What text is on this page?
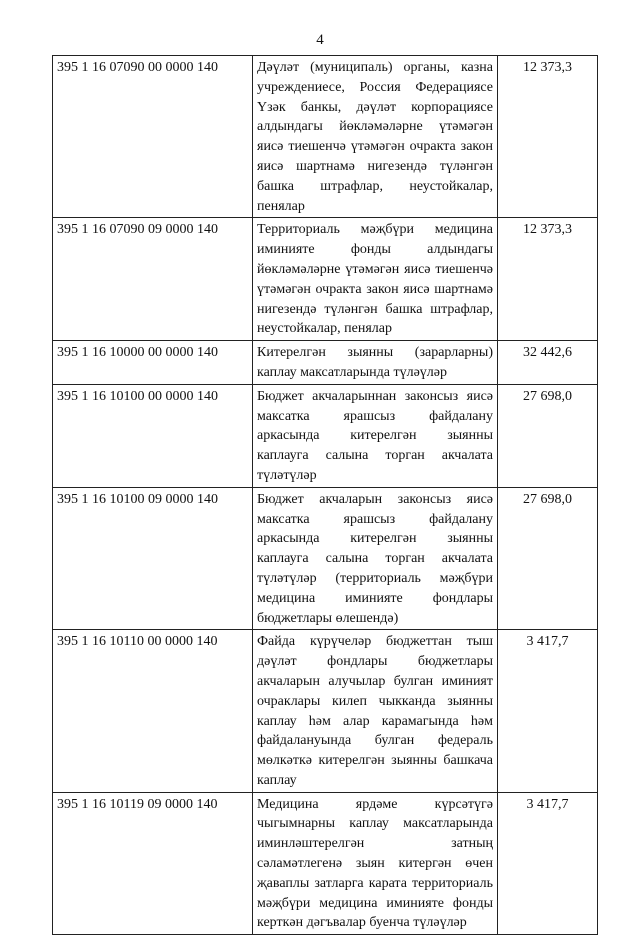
4
395 1 16 07090 00 0000 140	Дәүләт (муниципаль) органы, казна учреждениесе, Россия Федерациясе Үзәк банкы, дәүләт корпорациясе алдындагы йөкләмәләрне үтәмәгән яисә тиешенчә үтәмәгән очракта закон яисә шартнамә нигезендә түләнгән башка штрафлар, неустойкалар, пенялар	12 373,3
395 1 16 07090 09 0000 140	Территориаль мәҗбүри медицина иминияте фонды алдындагы йөкләмәләрне үтәмәгән яисә тиешенчә үтәмәгән очракта закон яисә шартнамә нигезендә түләнгән башка штрафлар, неустойкалар, пенялар	12 373,3
395 1 16 10000 00 0000 140	Китерелгән зыянны (зарарларны) каплау максатларында түләүләр	32 442,6
395 1 16 10100 00 0000 140	Бюджет акчаларыннан законсыз яисә максатка ярашсыз файдалану аркасында китерелгән зыянны каплауга салына торган акчалата түләтүләр	27 698,0
395 1 16 10100 09 0000 140	Бюджет акчаларын законсыз яисә максатка ярашсыз файдалану аркасында китерелгән зыянны каплауга салына торган акчалата түләтүләр (территориаль мәҗбүри медицина иминияте фондлары бюджетлары өлешендә)	27 698,0
395 1 16 10110 00 0000 140	Файда күрүчеләр бюджеттан тыш дәүләт фондлары бюджетлары акчаларын алучылар булган иминият очраклары килеп чыкканда зыянны каплау һәм алар карамагында һәм файдалануында булган федераль мөлкәткә китерелгән зыянны башкача каплау	3 417,7
395 1 16 10119 09 0000 140	Медицина ярдәме күрсәтүгә чыгымнарны каплау максатларында иминләштерелгән затның сәламәтлегенә зыян китергән өчен җаваплы затларга карата территориаль мәҗбүри медицина иминияте фонды керткән дәгъвалар буенча түләүләр	3 417,7
